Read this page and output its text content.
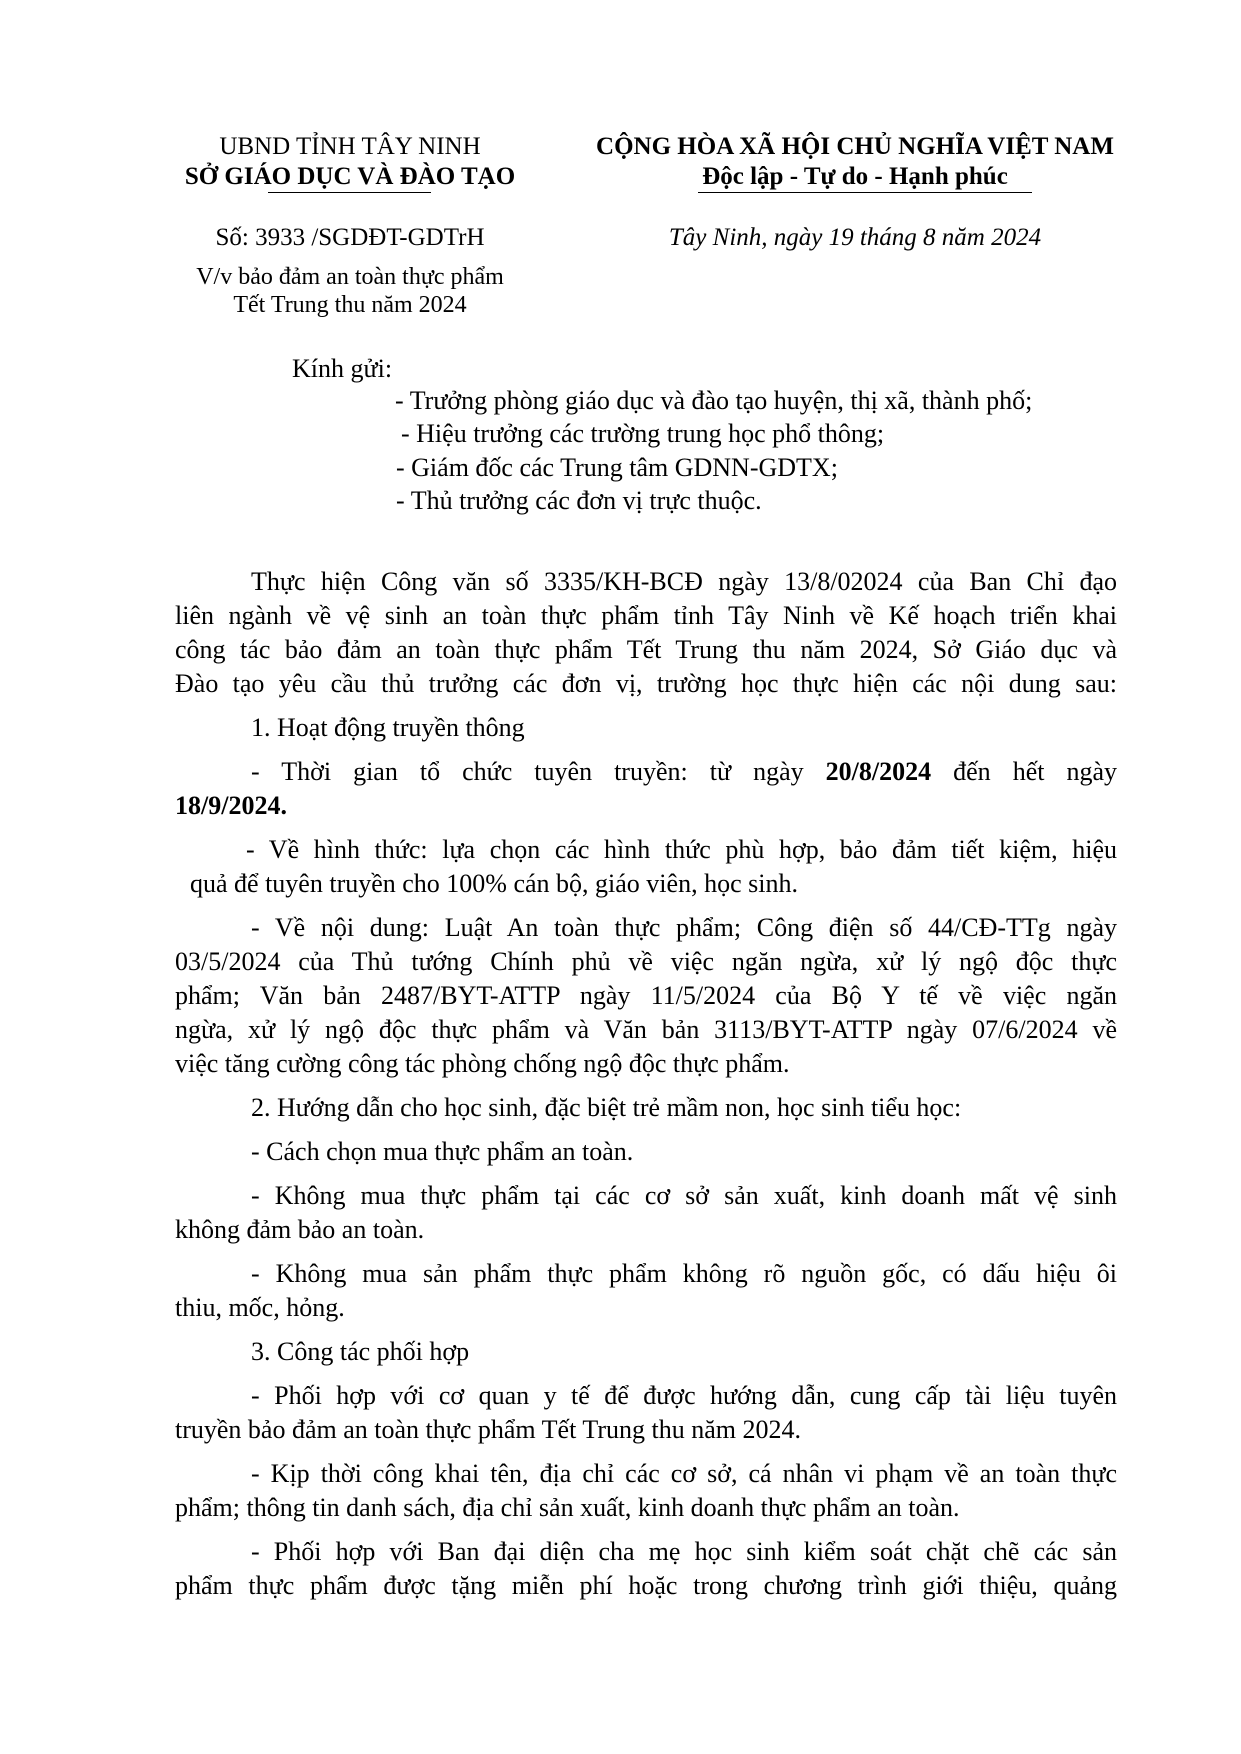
UBND TỈNH TÂY NINH
SỞ GIÁO DỤC VÀ ĐÀO TẠO
Số: 3933 /SGDĐT-GDTrH
V/v bảo đảm an toàn thực phẩm
Tết Trung thu năm 2024
CỘNG HÒA XÃ HỘI CHỦ NGHĨA VIỆT NAM
Độc lập - Tự do - Hạnh phúc
Tây Ninh, ngày 19 tháng 8 năm 2024
Kính gửi:
- Trưởng phòng giáo dục và đào tạo huyện, thị xã, thành phố;
- Hiệu trưởng các trường trung học phổ thông;
- Giám đốc các Trung tâm GDNN-GDTX;
- Thủ trưởng các đơn vị trực thuộc.
Thực hiện Công văn số 3335/KH-BCĐ ngày 13/8/02024 của Ban Chỉ đạo
liên ngành về vệ sinh an toàn thực phẩm tỉnh Tây Ninh về Kế hoạch triển khai
công tác bảo đảm an toàn thực phẩm Tết Trung thu năm 2024, Sở Giáo dục và
Đào tạo yêu cầu thủ trưởng các đơn vị, trường học thực hiện các nội dung sau:
1. Hoạt động truyền thông
- Thời gian tổ chức tuyên truyền: từ ngày 20/8/2024 đến hết ngày
18/9/2024.
- Về hình thức: lựa chọn các hình thức phù hợp, bảo đảm tiết kiệm, hiệu
quả để tuyên truyền cho 100% cán bộ, giáo viên, học sinh.
- Về nội dung: Luật An toàn thực phẩm; Công điện số 44/CĐ-TTg ngày
03/5/2024 của Thủ tướng Chính phủ về việc ngăn ngừa, xử lý ngộ độc thực
phẩm; Văn bản 2487/BYT-ATTP ngày 11/5/2024 của Bộ Y tế về việc ngăn
ngừa, xử lý ngộ độc thực phẩm và Văn bản 3113/BYT-ATTP ngày 07/6/2024 về
việc tăng cường công tác phòng chống ngộ độc thực phẩm.
2. Hướng dẫn cho học sinh, đặc biệt trẻ mầm non, học sinh tiểu học:
- Cách chọn mua thực phẩm an toàn.
- Không mua thực phẩm tại các cơ sở sản xuất, kinh doanh mất vệ sinh
không đảm bảo an toàn.
- Không mua sản phẩm thực phẩm không rõ nguồn gốc, có dấu hiệu ôi
thiu, mốc, hỏng.
3. Công tác phối hợp
- Phối hợp với cơ quan y tế để được hướng dẫn, cung cấp tài liệu tuyên
truyền bảo đảm an toàn thực phẩm Tết Trung thu năm 2024.
- Kịp thời công khai tên, địa chỉ các cơ sở, cá nhân vi phạm về an toàn thực
phẩm; thông tin danh sách, địa chỉ sản xuất, kinh doanh thực phẩm an toàn.
- Phối hợp với Ban đại diện cha mẹ học sinh kiểm soát chặt chẽ các sản
phẩm thực phẩm được tặng miễn phí hoặc trong chương trình giới thiệu, quảng
